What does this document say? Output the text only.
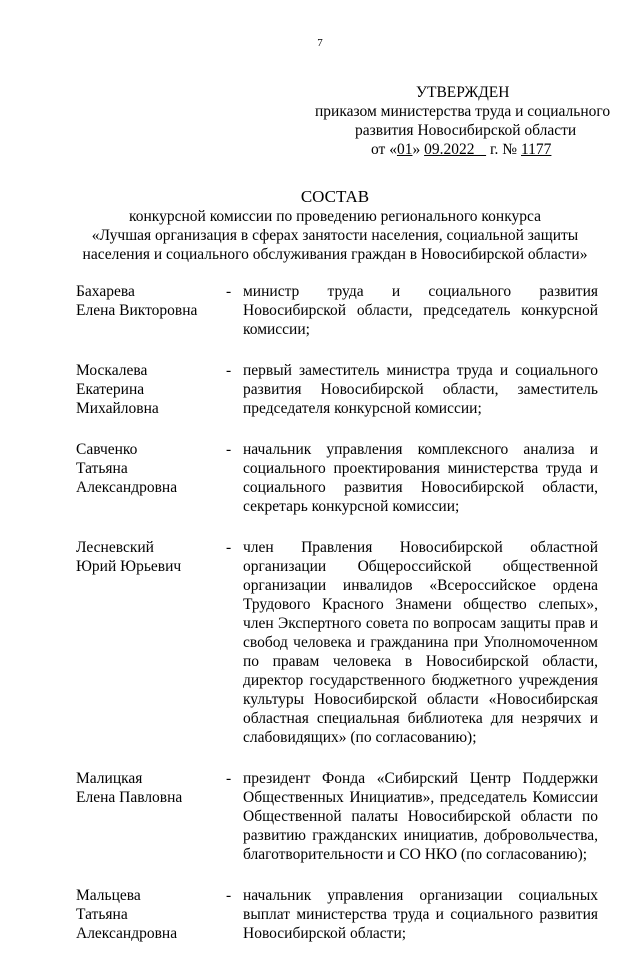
7
УТВЕРЖДЕН
приказом министерства труда и социального
развития Новосибирской области
от «01» 09.2022    г. № 1177
СОСТАВ
конкурсной комиссии по проведению регионального конкурса
«Лучшая организация в сферах занятости населения, социальной защиты
населения и социального обслуживания граждан в Новосибирской области»
Бахарева
Елена Викторовна
- министр труда и социального развития Новосибирской области, председатель конкурсной комиссии;
Москалева
Екатерина
Михайловна
- первый заместитель министра труда и социального развития Новосибирской области, заместитель председателя конкурсной комиссии;
Савченко
Татьяна
Александровна
- начальник управления комплексного анализа и социального проектирования министерства труда и социального развития Новосибирской области, секретарь конкурсной комиссии;
Лесневский
Юрий Юрьевич
- член Правления Новосибирской областной организации Общероссийской общественной организации инвалидов «Всероссийское ордена Трудового Красного Знамени общество слепых», член Экспертного совета по вопросам защиты прав и свобод человека и гражданина при Уполномоченном по правам человека в Новосибирской области, директор государственного бюджетного учреждения культуры Новосибирской области «Новосибирская областная специальная библиотека для незрячих и слабовидящих» (по согласованию);
Малицкая
Елена Павловна
- президент Фонда «Сибирский Центр Поддержки Общественных Инициатив», председатель Комиссии Общественной палаты Новосибирской области по развитию гражданских инициатив, добровольчества, благотворительности и СО НКО (по согласованию);
Мальцева
Татьяна
Александровна
- начальник управления организации социальных выплат министерства труда и социального развития Новосибирской области;
